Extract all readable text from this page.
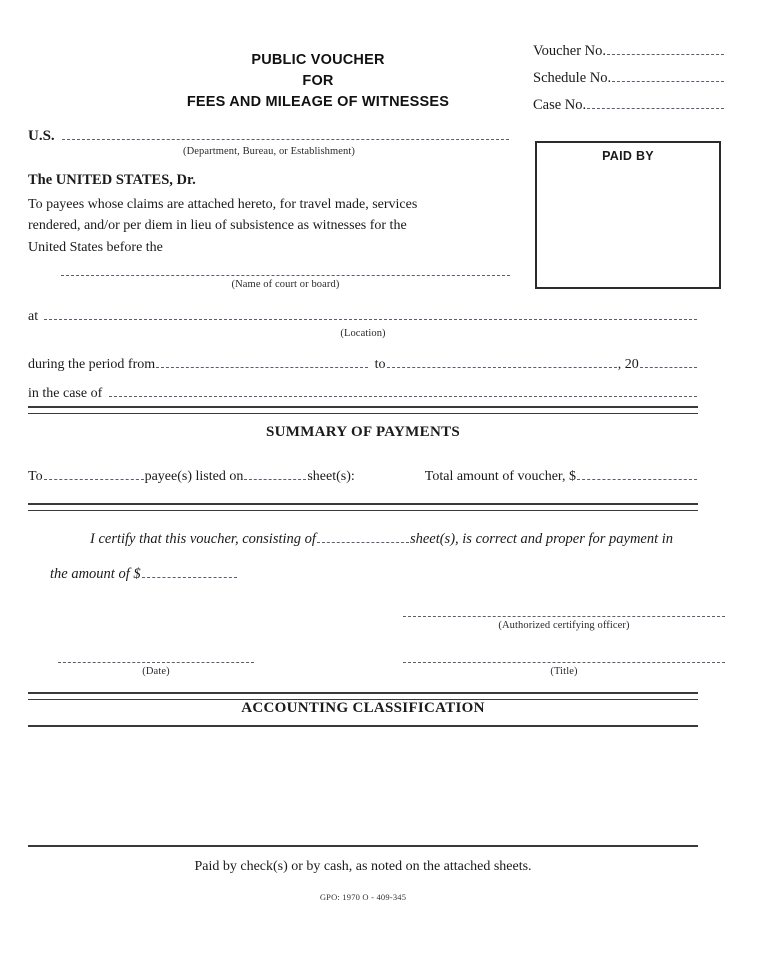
PUBLIC VOUCHER
FOR
FEES AND MILEAGE OF WITNESSES
Voucher No.
Schedule No.
Case No.
PAID BY
U.S.
(Department, Bureau, or Establishment)
The UNITED STATES, Dr.
To payees whose claims are attached hereto, for travel made, services rendered, and/or per diem in lieu of subsistence as witnesses for the United States before the
(Name of court or board)
at
(Location)
during the period from	to	, 20
in the case of
SUMMARY OF PAYMENTS
To	payee(s) listed on	sheet(s):	Total amount of voucher, $
I certify that this voucher, consisting of	sheet(s), is correct and proper for payment in
the amount of $
(Authorized certifying officer)
(Date)	(Title)
ACCOUNTING CLASSIFICATION
Paid by check(s) or by cash, as noted on the attached sheets.
GPO: 1970 O - 409-345
